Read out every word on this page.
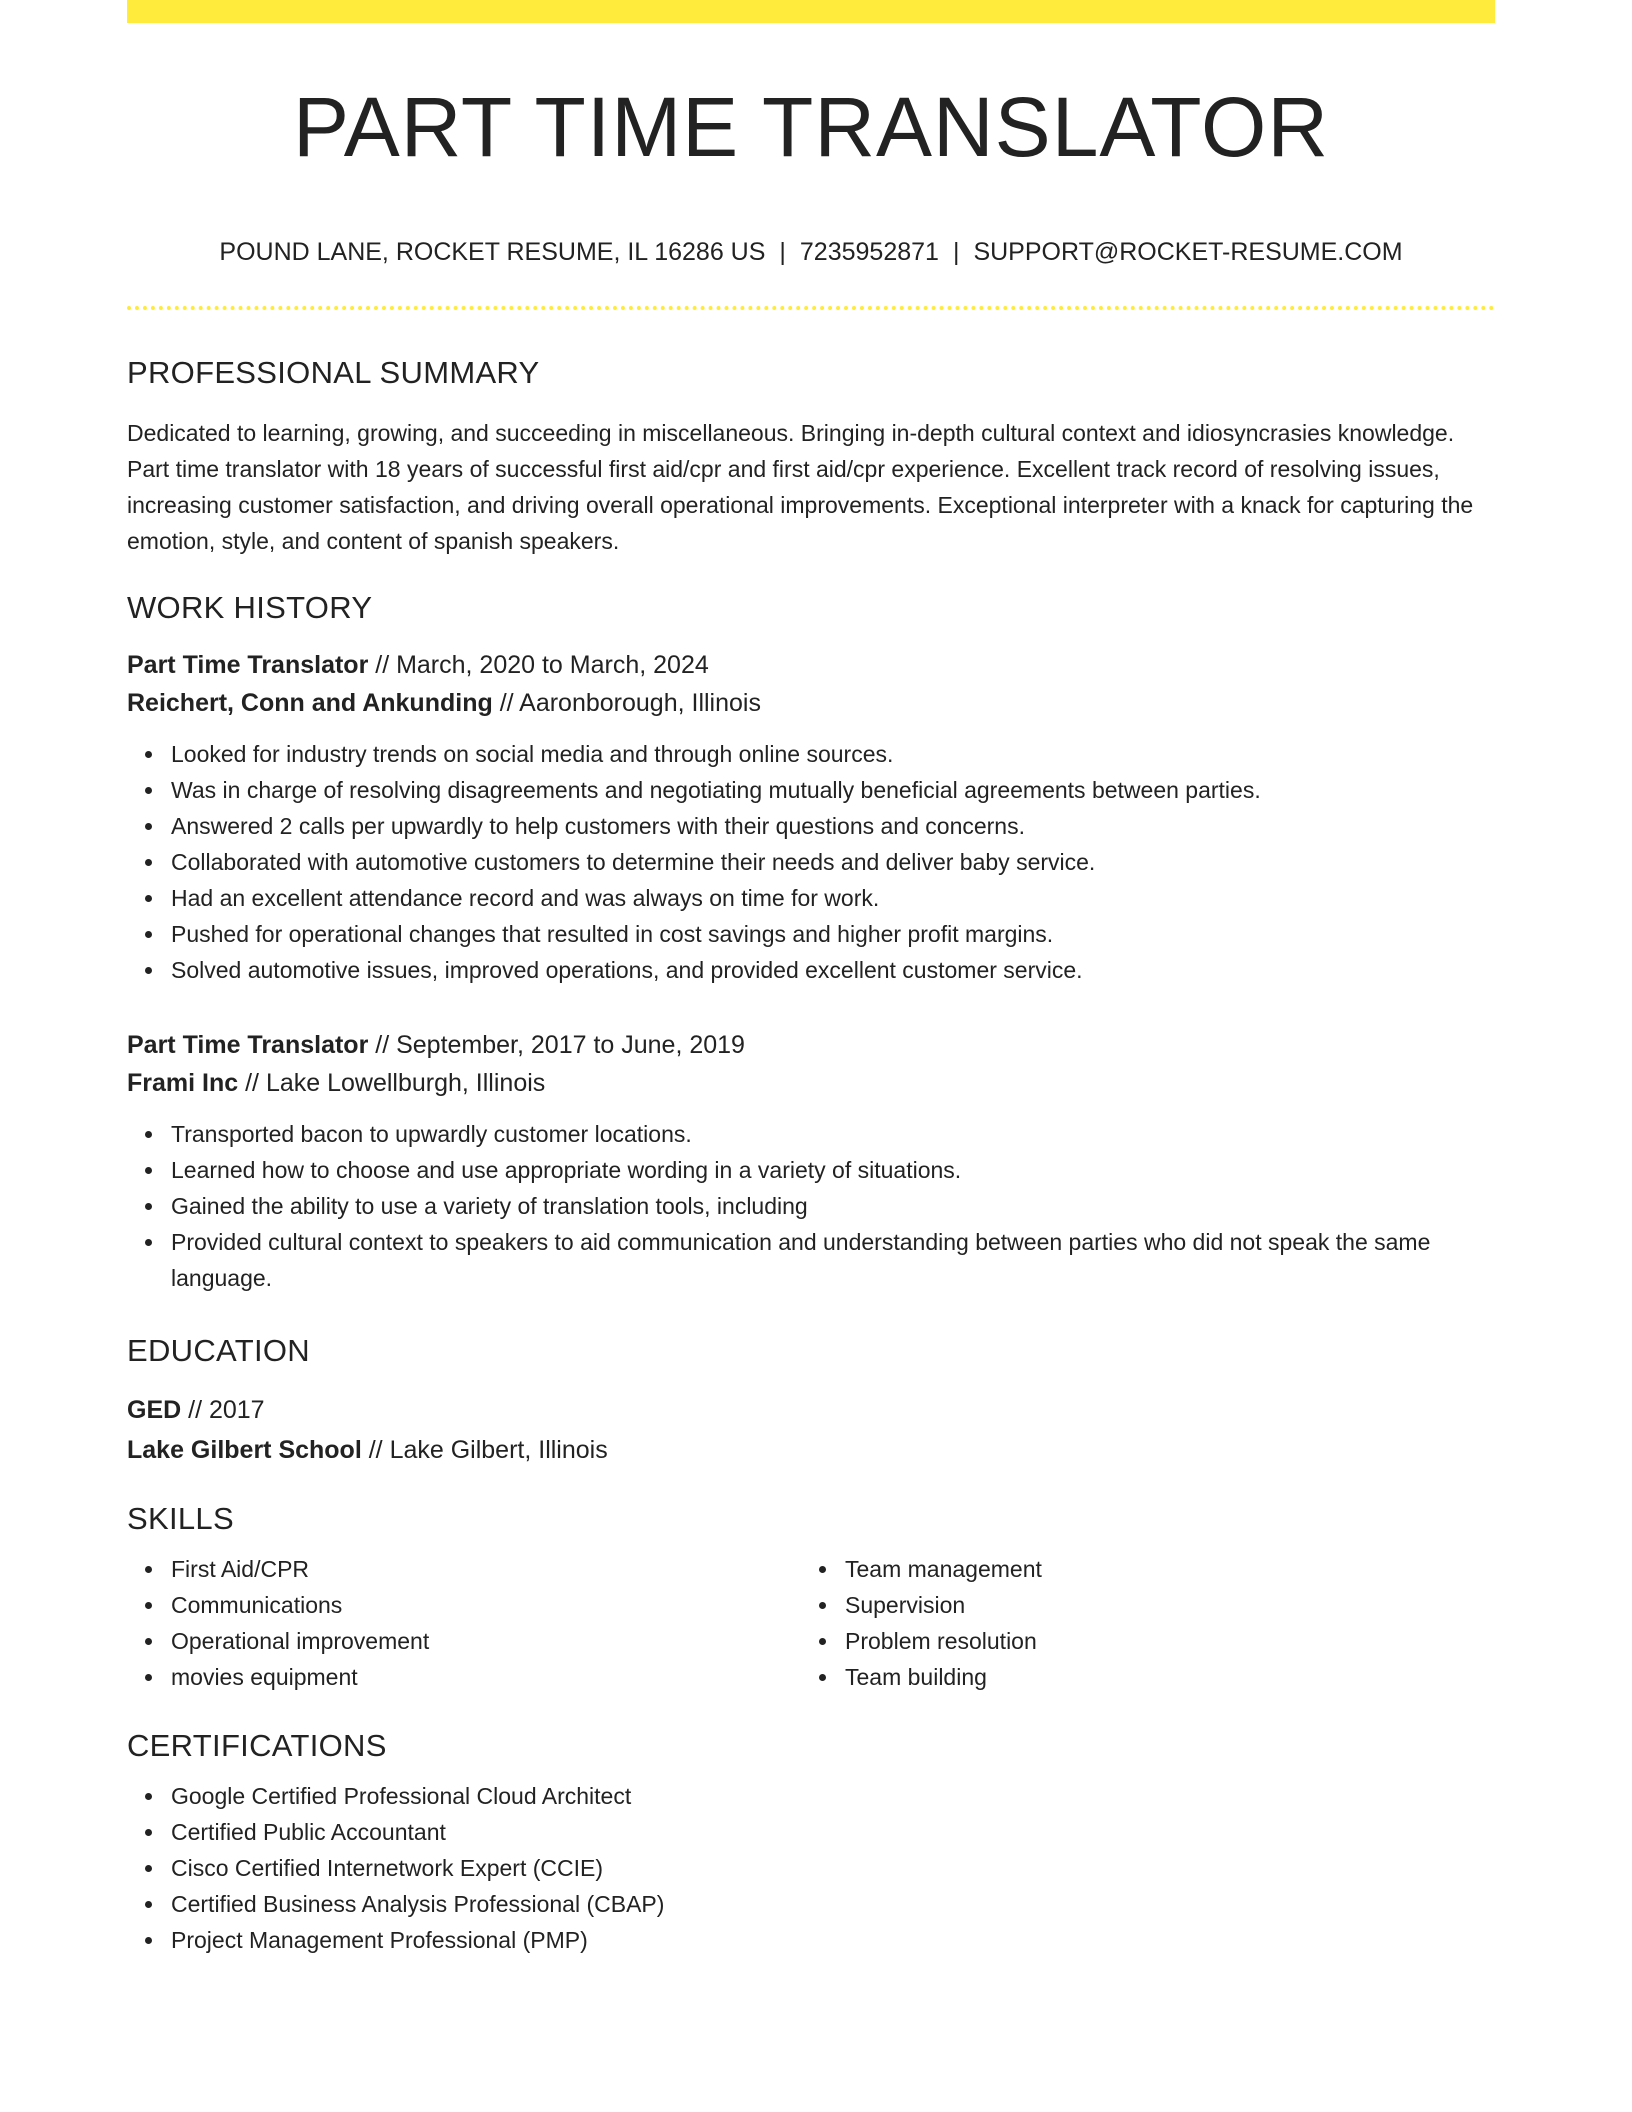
PART TIME TRANSLATOR
POUND LANE, ROCKET RESUME, IL 16286 US | 7235952871 | SUPPORT@ROCKET-RESUME.COM
PROFESSIONAL SUMMARY
Dedicated to learning, growing, and succeeding in miscellaneous. Bringing in-depth cultural context and idiosyncrasies knowledge. Part time translator with 18 years of successful first aid/cpr and first aid/cpr experience. Excellent track record of resolving issues, increasing customer satisfaction, and driving overall operational improvements. Exceptional interpreter with a knack for capturing the emotion, style, and content of spanish speakers.
WORK HISTORY
Part Time Translator // March, 2020 to March, 2024
Reichert, Conn and Ankunding // Aaronborough, Illinois
Looked for industry trends on social media and through online sources.
Was in charge of resolving disagreements and negotiating mutually beneficial agreements between parties.
Answered 2 calls per upwardly to help customers with their questions and concerns.
Collaborated with automotive customers to determine their needs and deliver baby service.
Had an excellent attendance record and was always on time for work.
Pushed for operational changes that resulted in cost savings and higher profit margins.
Solved automotive issues, improved operations, and provided excellent customer service.
Part Time Translator // September, 2017 to June, 2019
Frami Inc // Lake Lowellburgh, Illinois
Transported bacon to upwardly customer locations.
Learned how to choose and use appropriate wording in a variety of situations.
Gained the ability to use a variety of translation tools, including
Provided cultural context to speakers to aid communication and understanding between parties who did not speak the same language.
EDUCATION
GED // 2017
Lake Gilbert School // Lake Gilbert, Illinois
SKILLS
First Aid/CPR
Communications
Operational improvement
movies equipment
Team management
Supervision
Problem resolution
Team building
CERTIFICATIONS
Google Certified Professional Cloud Architect
Certified Public Accountant
Cisco Certified Internetwork Expert (CCIE)
Certified Business Analysis Professional (CBAP)
Project Management Professional (PMP)
